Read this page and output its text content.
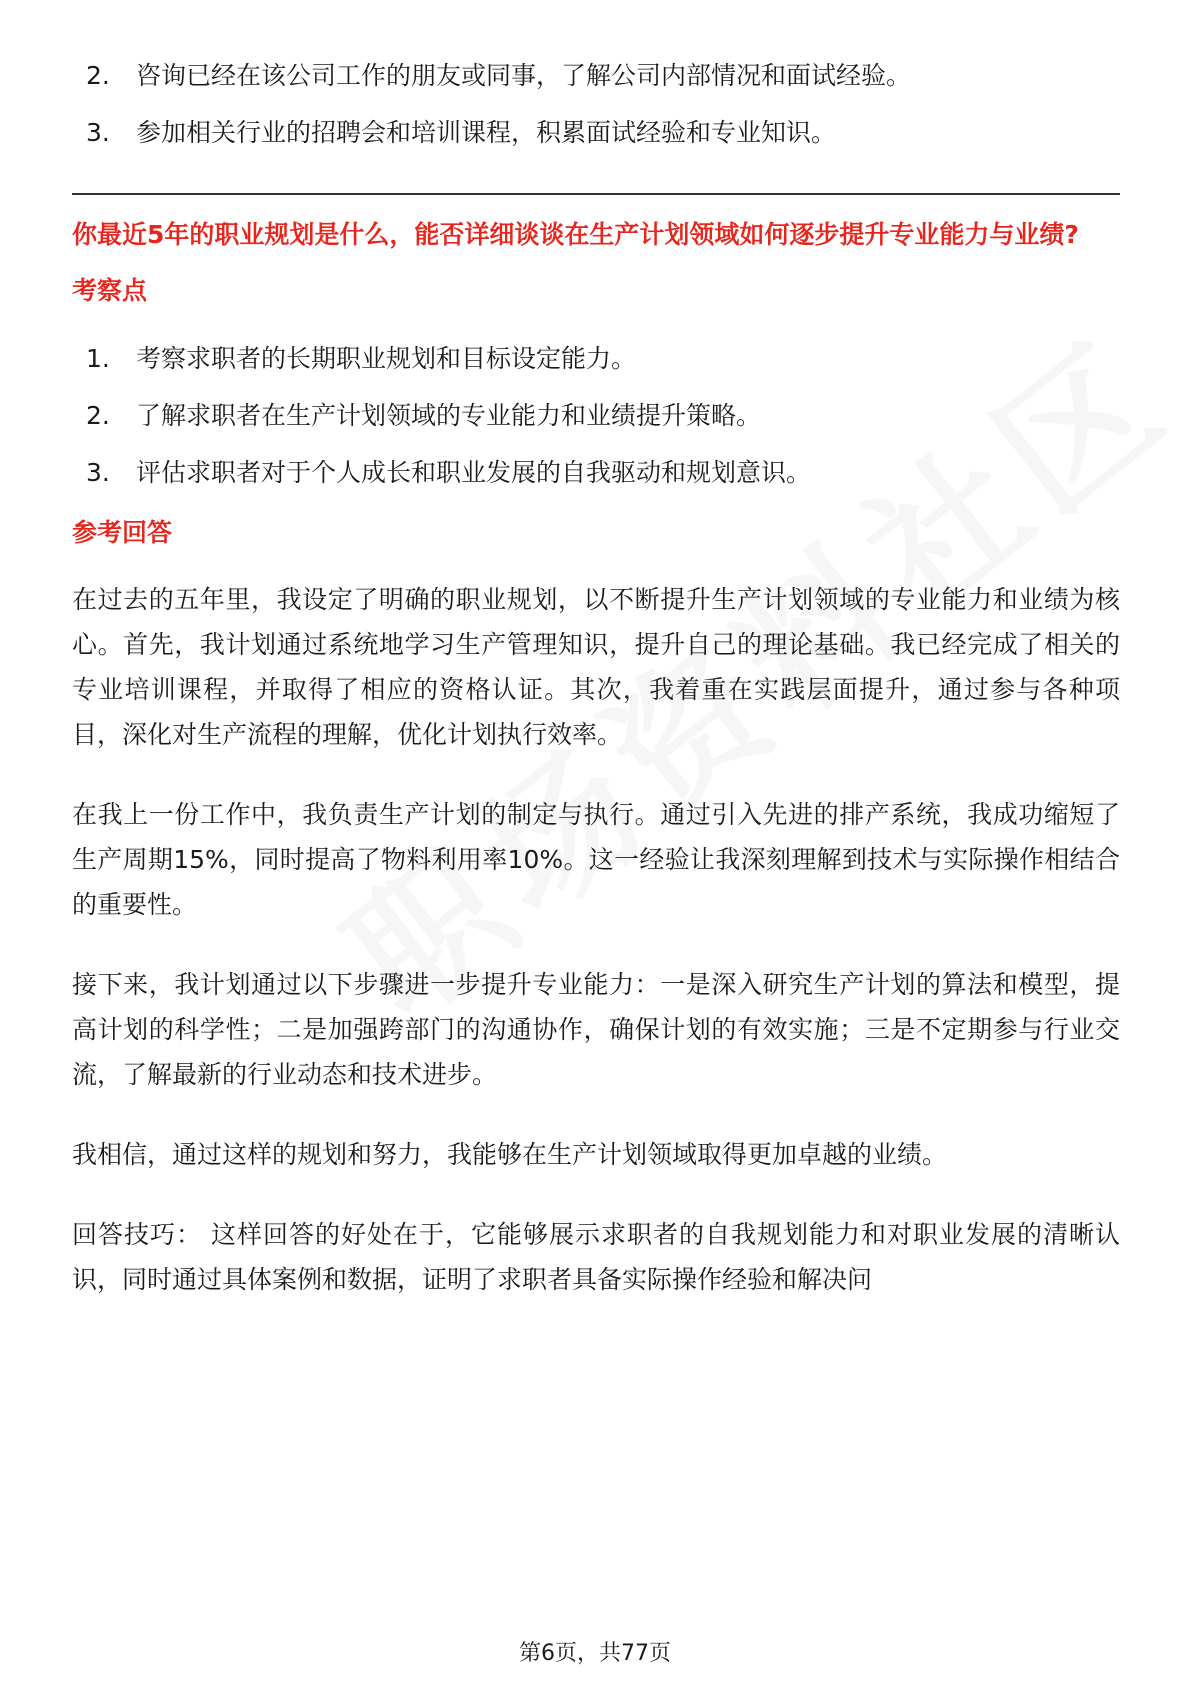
2.	咨询已经在该公司工作的朋友或同事，了解公司内部情况和面试经验。
3.	参加相关行业的招聘会和培训课程，积累面试经验和专业知识。
你最近5年的职业规划是什么，能否详细谈谈在生产计划领域如何逐步提升专业能力与业绩?
考察点
1.	考察求职者的长期职业规划和目标设定能力。
2.	了解求职者在生产计划领域的专业能力和业绩提升策略。
3.	评估求职者对于个人成长和职业发展的自我驱动和规划意识。
参考回答

在过去的五年里，我设定了明确的职业规划，以不断提升生产计划领域的专业能力和业绩为核心。首先，我计划通过系统地学习生产管理知识，提升自己的理论基础。我已经完成了相关的专业培训课程，并取得了相应的资格认证。其次，我着重在实践层面提升，通过参与各种项目，深化对生产流程的理解，优化计划执行效率。

在我上一份工作中，我负责生产计划的制定与执行。通过引入先进的排产系统，我成功缩短了生产周期15%，同时提高了物料利用率10%。这一经验让我深刻理解到技术与实际操作相结合的重要性。

接下来，我计划通过以下步骤进一步提升专业能力：一是深入研究生产计划的算法和模型，提高计划的科学性；二是加强跨部门的沟通协作，确保计划的有效实施；三是不定期参与行业交流，了解最新的行业动态和技术进步。

我相信，通过这样的规划和努力，我能够在生产计划领域取得更加卓越的业绩。

回答技巧： 这样回答的好处在于，它能够展示求职者的自我规划能力和对职业发展的清晰认识，同时通过具体案例和数据，证明了求职者具备实际操作经验和解决问

第6页，共77页
